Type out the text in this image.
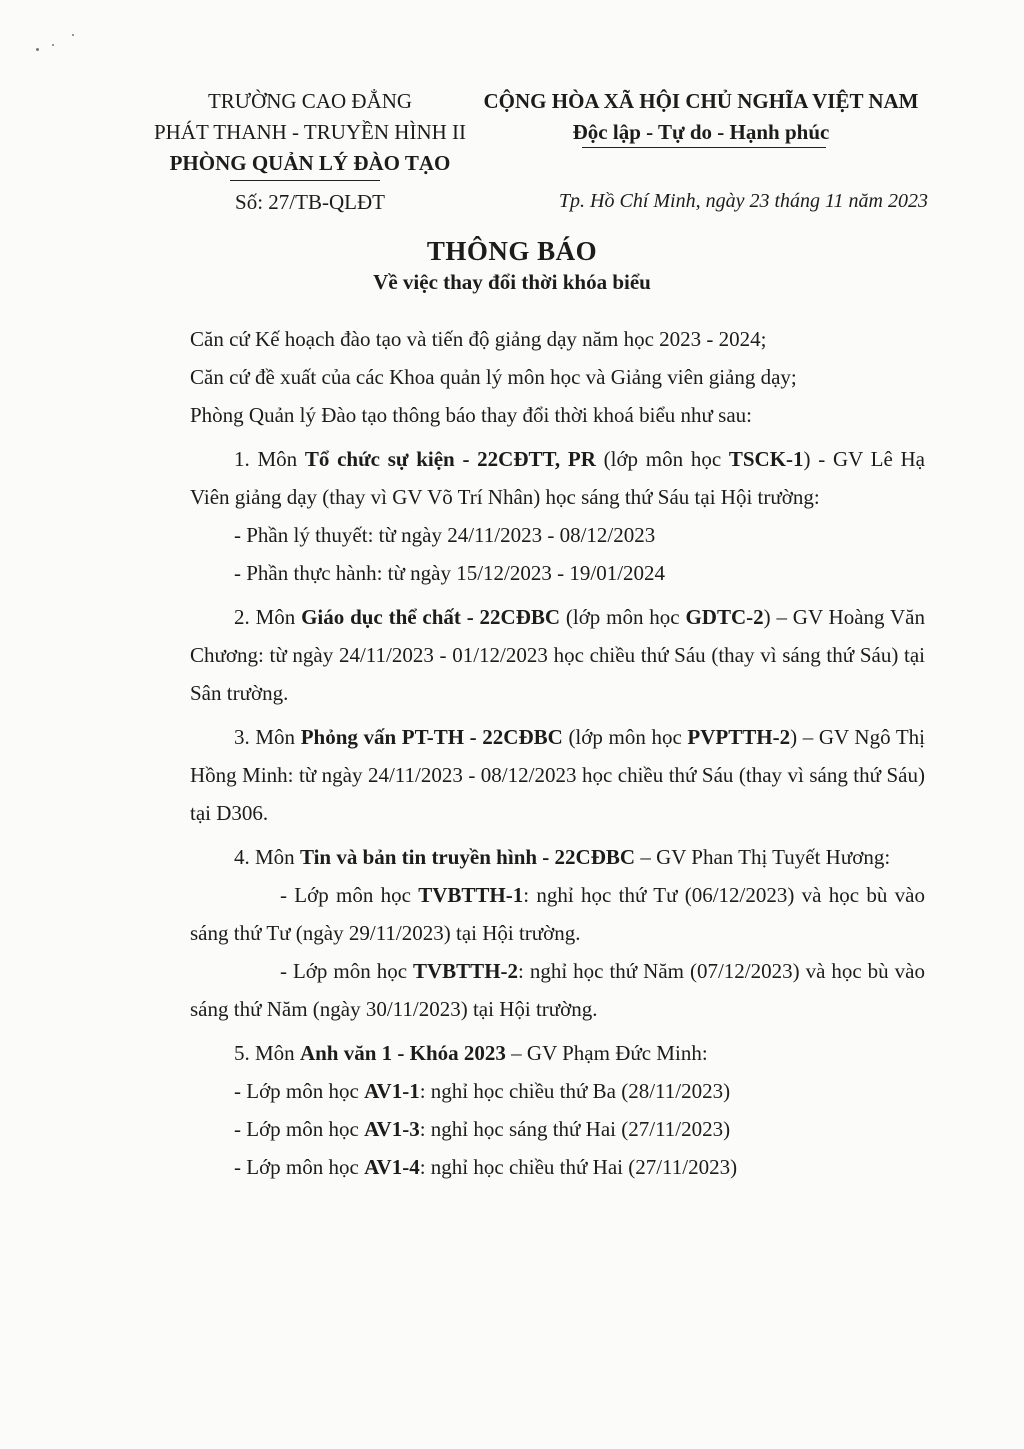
TRƯỜNG CAO ĐẲNG
PHÁT THANH - TRUYỀN HÌNH II
PHÒNG QUẢN LÝ ĐÀO TẠO
CỘNG HÒA XÃ HỘI CHỦ NGHĨA VIỆT NAM
Độc lập - Tự do - Hạnh phúc
Số: 27/TB-QLĐT	Tp. Hồ Chí Minh, ngày 23 tháng 11 năm 2023
THÔNG BÁO
Về việc thay đổi thời khóa biểu

Căn cứ Kế hoạch đào tạo và tiến độ giảng dạy năm học 2023 - 2024;

Căn cứ đề xuất của các Khoa quản lý môn học và Giảng viên giảng dạy;

Phòng Quản lý Đào tạo thông báo thay đổi thời khoá biểu như sau:

1. Môn Tổ chức sự kiện - 22CĐTT, PR (lớp môn học TSCK-1) - GV Lê Hạ Viên giảng dạy (thay vì GV Võ Trí Nhân) học sáng thứ Sáu tại Hội trường:

- Phần lý thuyết: từ ngày 24/11/2023 - 08/12/2023

- Phần thực hành: từ ngày 15/12/2023 - 19/01/2024

2. Môn Giáo dục thể chất - 22CĐBC (lớp môn học GDTC-2) – GV Hoàng Văn Chương: từ ngày 24/11/2023 - 01/12/2023 học chiều thứ Sáu (thay vì sáng thứ Sáu) tại Sân trường.

3. Môn Phỏng vấn PT-TH - 22CĐBC (lớp môn học PVPTTH-2) – GV Ngô Thị Hồng Minh: từ ngày 24/11/2023 - 08/12/2023 học chiều thứ Sáu (thay vì sáng thứ Sáu) tại D306.

4. Môn Tin và bản tin truyền hình - 22CĐBC – GV Phan Thị Tuyết Hương:

- Lớp môn học TVBTTH-1: nghỉ học thứ Tư (06/12/2023) và học bù vào sáng thứ Tư (ngày 29/11/2023) tại Hội trường.

- Lớp môn học TVBTTH-2: nghỉ học thứ Năm (07/12/2023) và học bù vào sáng thứ Năm (ngày 30/11/2023) tại Hội trường.

5. Môn Anh văn 1 - Khóa 2023 – GV Phạm Đức Minh:

- Lớp môn học AV1-1: nghỉ học chiều thứ Ba (28/11/2023)

- Lớp môn học AV1-3: nghỉ học sáng thứ Hai (27/11/2023)

- Lớp môn học AV1-4: nghỉ học chiều thứ Hai (27/11/2023)
